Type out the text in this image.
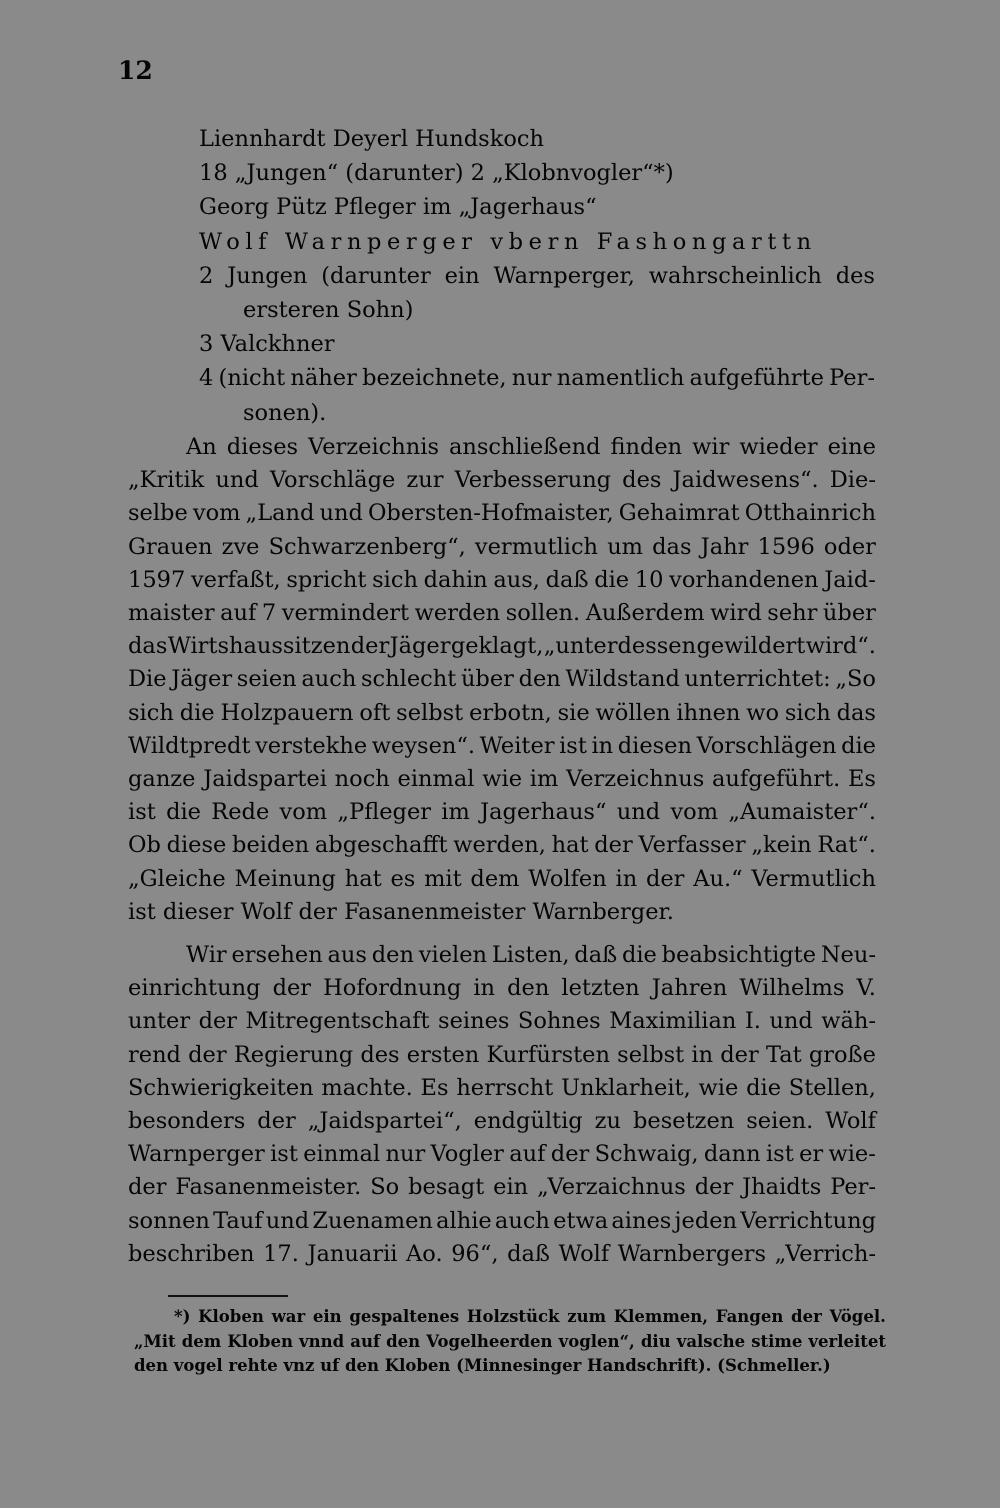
12
Liennhardt Deyerl Hundskoch
18 „Jungen“ (darunter) 2 „Klobnvogler“*)
Georg Pütz Pfleger im „Jagerhaus“
Wolf Warnperger vbern Fashongarttn
2 Jungen (darunter ein Warnperger, wahrscheinlich des
ersteren Sohn)
3 Valckhner
4 (nicht näher bezeichnete, nur namentlich aufgeführte Per-
sonen).
An dieses Verzeichnis anschließend finden wir wieder eine
„Kritik und Vorschläge zur Verbesserung des Jaidwesens“. Die-
selbe vom „Land und Obersten-Hofmaister, Gehaimrat Otthainrich
Grauen zve Schwarzenberg“, vermutlich um das Jahr 1596 oder
1597 verfaßt, spricht sich dahin aus, daß die 10 vorhandenen Jaid-
maister auf 7 vermindert werden sollen. Außerdem wird sehr über
das Wirtshaussitzen der Jäger geklagt, „unterdessen gewildert wird“.
Die Jäger seien auch schlecht über den Wildstand unterrichtet: „So
sich die Holzpauern oft selbst erbotn, sie wöllen ihnen wo sich das
Wildtpredt verstekhe weysen“. Weiter ist in diesen Vorschlägen die
ganze Jaidspartei noch einmal wie im Verzeichnus aufgeführt. Es
ist die Rede vom „Pfleger im Jagerhaus“ und vom „Aumaister“.
Ob diese beiden abgeschafft werden, hat der Verfasser „kein Rat“.
„Gleiche Meinung hat es mit dem Wolfen in der Au.“ Vermutlich
ist dieser Wolf der Fasanenmeister Warnberger.
Wir ersehen aus den vielen Listen, daß die beabsichtigte Neu-
einrichtung der Hofordnung in den letzten Jahren Wilhelms V.
unter der Mitregentschaft seines Sohnes Maximilian I. und wäh-
rend der Regierung des ersten Kurfürsten selbst in der Tat große
Schwierigkeiten machte. Es herrscht Unklarheit, wie die Stellen,
besonders der „Jaidspartei“, endgültig zu besetzen seien. Wolf
Warnperger ist einmal nur Vogler auf der Schwaig, dann ist er wie-
der Fasanenmeister. So besagt ein „Verzaichnus der Jhaidts Per-
sonnen Tauf und Zuenamen alhie auch etwa aines jeden Verrichtung
beschriben 17. Januarii Ao. 96“, daß Wolf Warnbergers „Verrich-
*) Kloben war ein gespaltenes Holzstück zum Klemmen, Fangen der Vögel.
„Mit dem Kloben vnnd auf den Vogelheerden voglen“, diu valsche stime verleitet
den vogel rehte vnz uf den Kloben (Minnesinger Handschrift). (Schmeller.)
